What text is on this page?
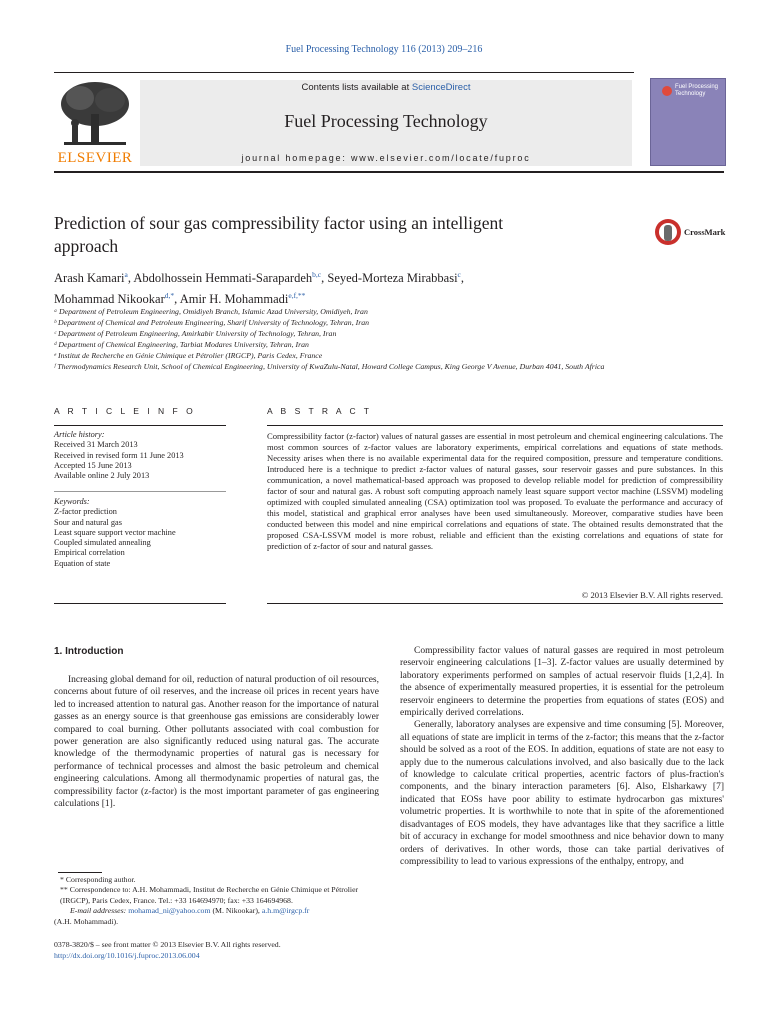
Fuel Processing Technology 116 (2013) 209–216
ELSEVIER
Contents lists available at ScienceDirect
Fuel Processing Technology
journal homepage: www.elsevier.com/locate/fuproc
Fuel Processing Technology
Prediction of sour gas compressibility factor using an intelligent approach
CrossMark
Arash Kamari$^a$, Abdolhossein Hemmati-Sarapardeh$^{b,c}$, Seyed-Morteza Mirabbasi$^c$,
Mohammad Nikookar$^{d,*}$, Amir H. Mohammadi$^{e,f,**}$
ᵃ Department of Petroleum Engineering, Omidiyeh Branch, Islamic Azad University, Omidiyeh, Iran
ᵇ Department of Chemical and Petroleum Engineering, Sharif University of Technology, Tehran, Iran
ᶜ Department of Petroleum Engineering, Amirkabir University of Technology, Tehran, Iran
ᵈ Department of Chemical Engineering, Tarbiat Modares University, Tehran, Iran
ᵉ Institut de Recherche en Génie Chimique et Pétrolier (IRGCP), Paris Cedex, France
ᶠ Thermodynamics Research Unit, School of Chemical Engineering, University of KwaZulu-Natal, Howard College Campus, King George V Avenue, Durban 4041, South Africa
A R T I C L E I N F O	A B S T R A C T
Article history:
Received 31 March 2013
Received in revised form 11 June 2013
Accepted 15 June 2013
Available online 2 July 2013
Keywords:
Z-factor prediction
Sour and natural gas
Least square support vector machine
Coupled simulated annealing
Empirical correlation
Equation of state
Compressibility factor (z-factor) values of natural gasses are essential in most petroleum and chemical engineering calculations. The most common sources of z-factor values are laboratory experiments, empirical correlations and equations of state methods. Necessity arises when there is no available experimental data for the required composition, pressure and temperature conditions. Introduced here is a technique to predict z-factor values of natural gasses, sour reservoir gasses and pure substances. In this communication, a novel mathematical-based approach was proposed to develop reliable model for prediction of compressibility factor of sour and natural gas. A robust soft computing approach namely least square support vector machine (LSSVM) modeling optimized with coupled simulated annealing (CSA) optimization tool was proposed. To evaluate the performance and accuracy of this model, statistical and graphical error analyses have been used simultaneously. Moreover, comparative studies have been conducted between this model and nine empirical correlations and equations of state. The obtained results demonstrated that the proposed CSA-LSSVM model is more robust, reliable and efficient than the existing correlations and equations of state for prediction of z-factor of sour and natural gasses.
© 2013 Elsevier B.V. All rights reserved.
1. Introduction

Increasing global demand for oil, reduction of natural production of oil resources, concerns about future of oil reserves, and the increase oil prices in recent years have led to increased attention to natural gas. Another reason for the importance of natural gasses as an energy source is that greenhouse gas emissions are considerably lower compared to coal burning. Other pollutants associated with coal combustion for power generation are also significantly reduced using natural gas. The accurate knowledge of the thermodynamic properties of natural gas is necessary for performance of technical processes and almost the basic petroleum and chemical engineering calculations. Among all thermodynamic properties of natural gas, the compressibility factor (z-factor) is the most important parameter of gas engineering calculations [1].

Compressibility factor values of natural gasses are required in most petroleum reservoir engineering calculations [1–3]. Z-factor values are usually determined by laboratory experiments performed on samples of actual reservoir fluids [1,2,4]. In the absence of experimentally measured properties, it is essential for the petroleum reservoir engineers to determine the properties from equations of states (EOS) and empirically derived correlations.

Generally, laboratory analyses are expensive and time consuming [5]. Moreover, all equations of state are implicit in terms of the z-factor; this means that the z-factor should be solved as a root of the EOS. In addition, equations of state are not easy to apply due to the numerous calculations involved, and also basically due to the lack of knowledge to calculate critical properties, acentric factors of plus-fraction's components, and the binary interaction parameters [6]. Also, Elsharkawy [7] indicated that EOSs have poor ability to estimate hydrocarbon gas mixtures' volumetric properties. It is worthwhile to note that in spite of the aforementioned disadvantages of EOS models, they have advantages like that they sacrifice a little bit of accuracy in exchange for model smoothness and nice behavior down to many orders of derivatives. In other words, those can take partial derivatives of compressibility to lead to various expressions of the enthalpy, entropy, and

* Corresponding author.
** Correspondence to: A.H. Mohammadi, Institut de Recherche en Génie Chimique et Pétrolier (IRGCP), Paris Cedex, France. Tel.: +33 164694970; fax: +33 164694968.
E-mail addresses: mohamad_ni@yahoo.com (M. Nikookar), a.h.m@irgcp.fr
(A.H. Mohammadi).
0378-3820/$ – see front matter © 2013 Elsevier B.V. All rights reserved.
http://dx.doi.org/10.1016/j.fuproc.2013.06.004
